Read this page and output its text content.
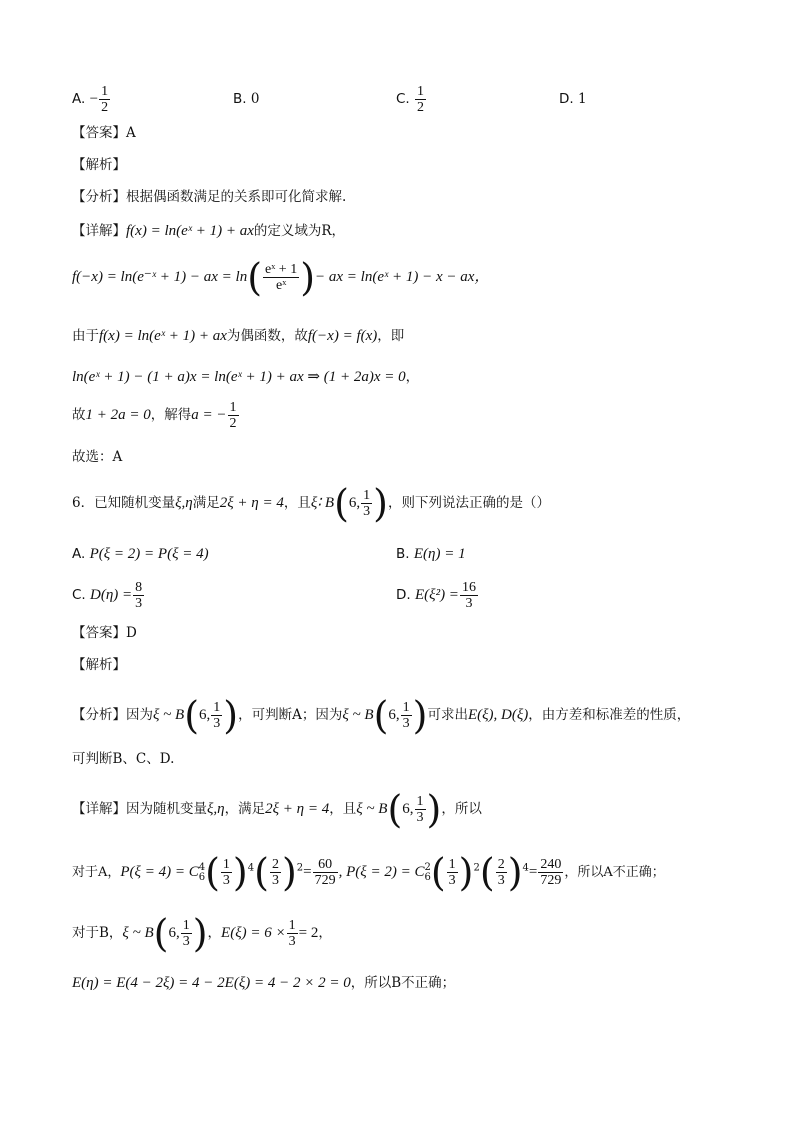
A. − $\frac{1}{2}$	B. 0	C. $\frac{1}{2}$	D. 1
【答案】A
【解析】
【分析】根据偶函数满足的关系即可化简求解.
【详解】f(x) = ln(eˣ + 1) + ax的定义域为R，
f(−x) = ln(e⁻ˣ + 1) − ax = $\ln( \frac{\text{eˣ + 1}}{\text{eˣ}}$ )− ax = ln(eˣ + 1) − x − ax，
由于f(x) = ln(eˣ + 1) + ax为偶函数，故f(−x) = f(x)，即
ln(eˣ + 1) − (1 + a)x = ln(eˣ + 1) + ax ⇒ (1 + 2a)x = 0，
故1 + 2a = 0，解得a = − $\frac{1}{2}$
故选：A
6．已知随机变量ξ,η满足2ξ + η = 4，且ξ∶ B(6, $\frac{1}{3}$ )，则下列说法正确的是（）
A. P(ξ = 2) = P(ξ = 4)	B. E(η) = 1
C. $D(\eta) = \frac{8}{3}$	D. $E(\xi^2) = \frac{16}{3}$
【答案】D
【解析】
【分析】因为ξ ~ B(6, $\frac{1}{3}$ )，可判断A；因为ξ ~ B(6, $\frac{1}{3}$ )可求出E(ξ), D(ξ)，由方差和标准差的性质，
可判断B、C、D.
【详解】因为随机变量ξ,η，满足2ξ + η = 4，且ξ ~ B(6, $\frac{1}{3}$ )，所以
对于A，P(ξ = 4) = C 4
6 ( $\frac{1}{3} )^4( \frac{2}{3} )^2= \frac{60}{729}$ , P(ξ = 2) = C 2
6 ( $\frac{1}{3} )^2( \frac{2}{3} )^4= \frac{240}{729}$ ，所以A不正确；
对于B，ξ ~ B(6, $\frac{1}{3}$ )，$E(\xi) = 6 \times \frac{1}{3} = 2$，
E(η) = E(4 − 2ξ) = 4 − 2E(ξ) = 4 − 2 × 2 = 0，所以B不正确；
